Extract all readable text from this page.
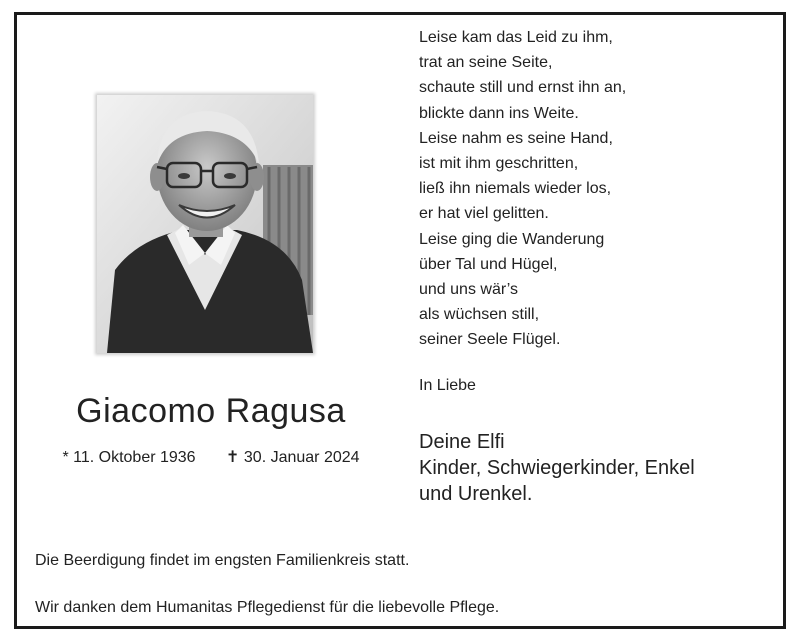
Giacomo Ragusa
* 11. Oktober 1936 ✝ 30. Januar 2024
Leise kam das Leid zu ihm,
trat an seine Seite,
schaute still und ernst ihn an,
blickte dann ins Weite.
Leise nahm es seine Hand,
ist mit ihm geschritten,
ließ ihn niemals wieder los,
er hat viel gelitten.
Leise ging die Wanderung
über Tal und Hügel,
und uns wär’s
als wüchsen still,
seiner Seele Flügel.
In Liebe
Deine Elfi
Kinder, Schwiegerkinder, Enkel
und Urenkel.
Die Beerdigung findet im engsten Familienkreis statt.
Wir danken dem Humanitas Pflegedienst für die liebevolle Pflege.
